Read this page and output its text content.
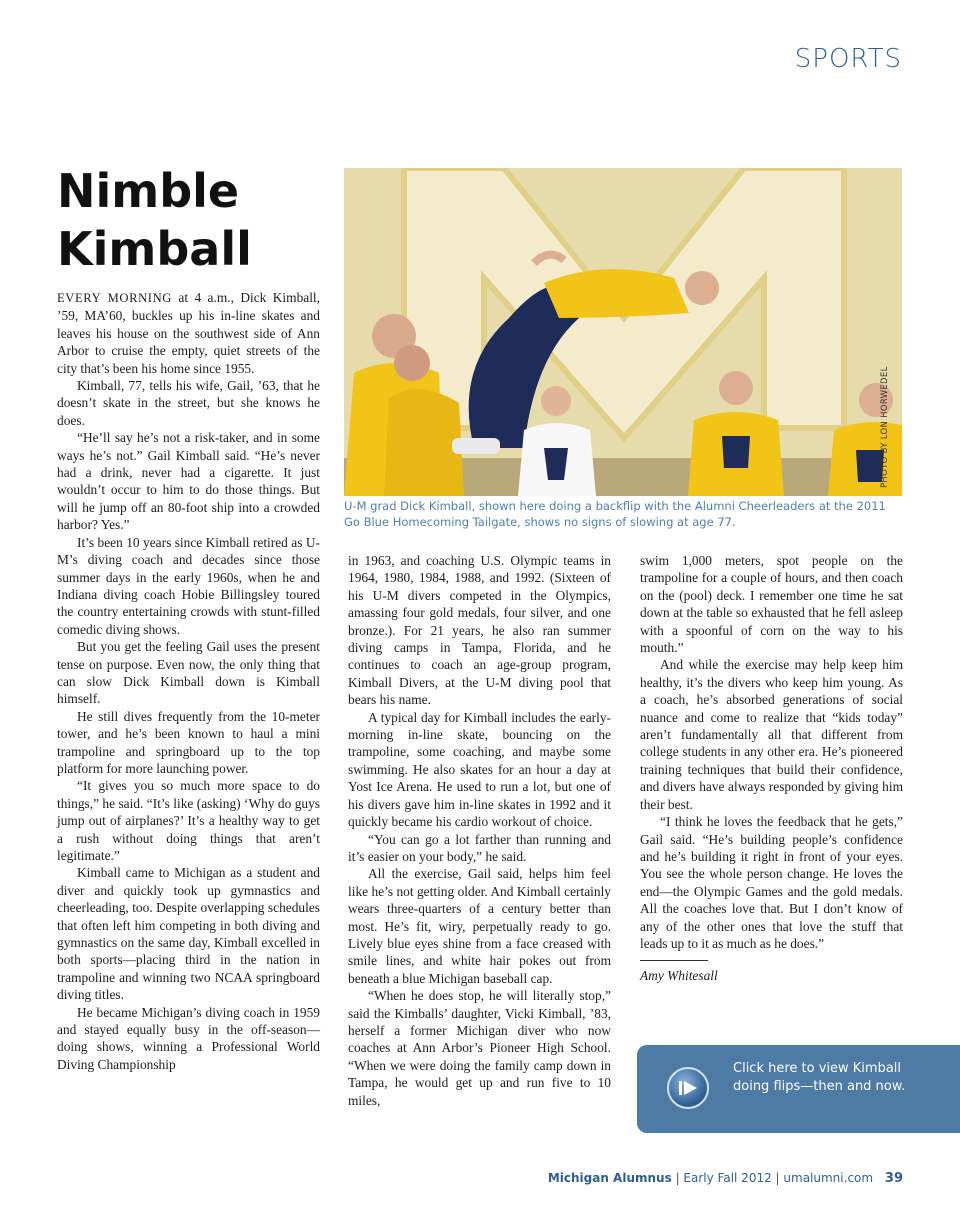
SPORTS
Nimble Kimball
PHOTO BY LON HORWEDEL
U-M grad Dick Kimball, shown here doing a backflip with the Alumni Cheerleaders at the 2011 Go Blue Homecoming Tailgate, shows no signs of slowing at age 77.

EVERY MORNING at 4 a.m., Dick Kimball, ’59, MA’60, buckles up his in-line skates and leaves his house on the southwest side of Ann Arbor to cruise the empty, quiet streets of the city that’s been his home since 1955.

Kimball, 77, tells his wife, Gail, ’63, that he doesn’t skate in the street, but she knows he does.

“He’ll say he’s not a risk-taker, and in some ways he’s not.” Gail Kimball said. “He’s never had a drink, never had a cigarette. It just wouldn’t occur to him to do those things. But will he jump off an 80-foot ship into a crowded harbor? Yes.”

It’s been 10 years since Kimball retired as U-M’s diving coach and decades since those summer days in the early 1960s, when he and Indiana diving coach Hobie Billingsley toured the country entertaining crowds with stunt-filled comedic diving shows.

But you get the feeling Gail uses the present tense on purpose. Even now, the only thing that can slow Dick Kimball down is Kimball himself.

He still dives frequently from the 10-meter tower, and he’s been known to haul a mini trampoline and springboard up to the top platform for more launching power.

“It gives you so much more space to do things,” he said. “It’s like (asking) ‘Why do guys jump out of airplanes?’ It’s a healthy way to get a rush without doing things that aren’t legitimate.”

Kimball came to Michigan as a student and diver and quickly took up gymnastics and cheerleading, too. Despite overlapping schedules that often left him competing in both diving and gymnastics on the same day, Kimball excelled in both sports—placing third in the nation in trampoline and winning two NCAA springboard diving titles.

He became Michigan’s diving coach in 1959 and stayed equally busy in the off-season—doing shows, winning a Professional World Diving Championship

in 1963, and coaching U.S. Olympic teams in 1964, 1980, 1984, 1988, and 1992. (Sixteen of his U-M divers competed in the Olympics, amassing four gold medals, four silver, and one bronze.). For 21 years, he also ran summer diving camps in Tampa, Florida, and he continues to coach an age-group program, Kimball Divers, at the U-M diving pool that bears his name.

A typical day for Kimball includes the early-morning in-line skate, bouncing on the trampoline, some coaching, and maybe some swimming. He also skates for an hour a day at Yost Ice Arena. He used to run a lot, but one of his divers gave him in-line skates in 1992 and it quickly became his cardio workout of choice.

“You can go a lot farther than running and it’s easier on your body,” he said.

All the exercise, Gail said, helps him feel like he’s not getting older. And Kimball certainly wears three-quarters of a century better than most. He’s fit, wiry, perpetually ready to go. Lively blue eyes shine from a face creased with smile lines, and white hair pokes out from beneath a blue Michigan baseball cap.

“When he does stop, he will literally stop,” said the Kimballs’ daughter, Vicki Kimball, ’83, herself a former Michigan diver who now coaches at Ann Arbor’s Pioneer High School. “When we were doing the family camp down in Tampa, he would get up and run five to 10 miles,

swim 1,000 meters, spot people on the trampoline for a couple of hours, and then coach on the (pool) deck. I remember one time he sat down at the table so exhausted that he fell asleep with a spoonful of corn on the way to his mouth.”

And while the exercise may help keep him healthy, it’s the divers who keep him young. As a coach, he’s absorbed generations of social nuance and come to realize that “kids today” aren’t fundamentally all that different from college students in any other era. He’s pioneered training techniques that build their confidence, and divers have always responded by giving him their best.

“I think he loves the feedback that he gets,” Gail said. “He’s building people’s confidence and he’s building it right in front of your eyes. You see the whole person change. He loves the end—the Olympic Games and the gold medals. All the coaches love that. But I don’t know of any of the other ones that love the stuff that leads up to it as much as he does.”

Amy Whitesall

Click here to view Kimball doing flips—then and now.
Michigan Alumnus | Early Fall 2012 | umalumni.com 39
